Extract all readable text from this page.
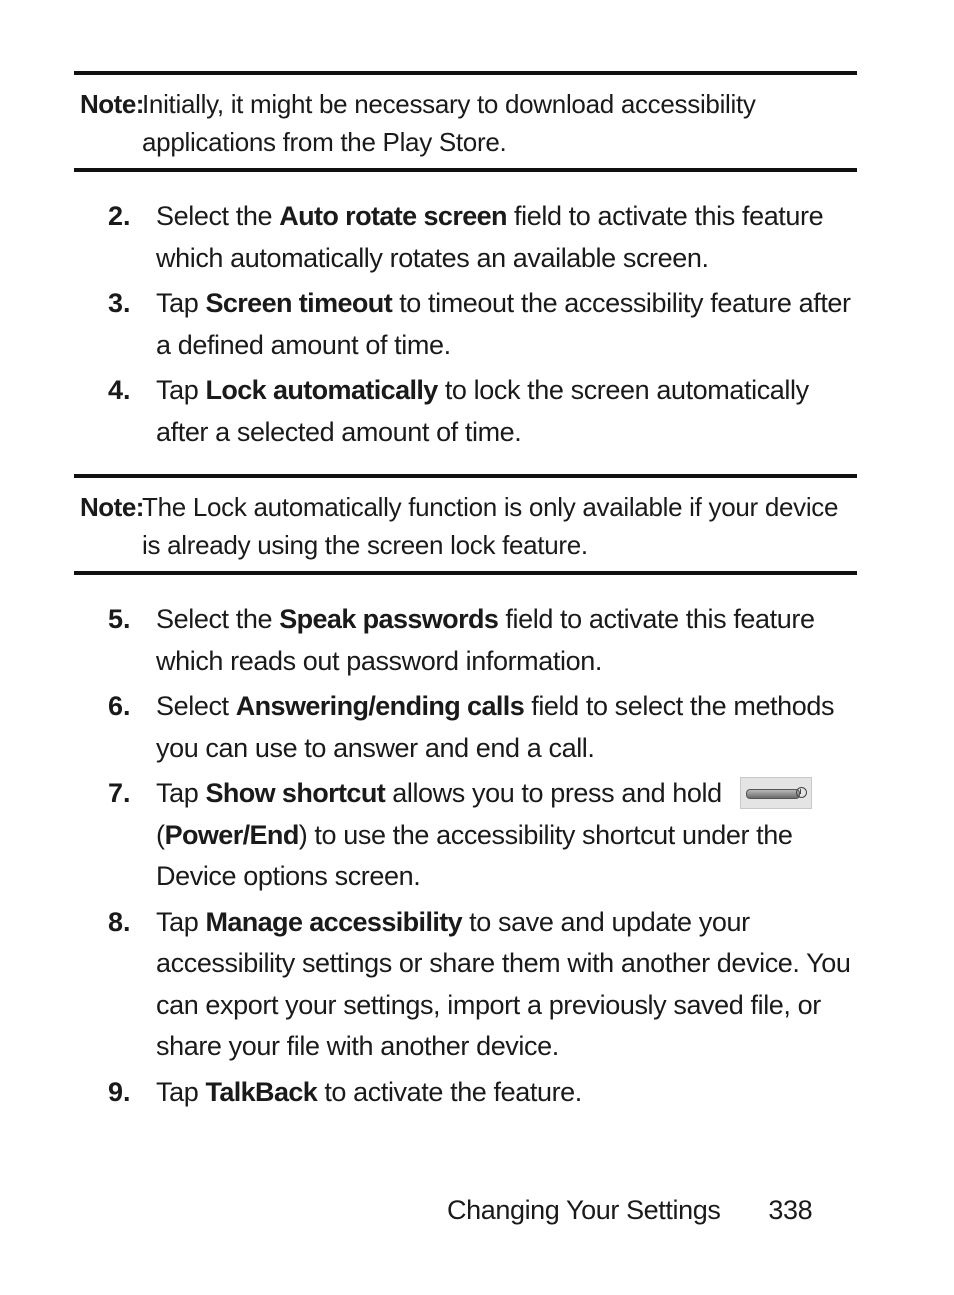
Note:
Initially, it might be necessary to download accessibility applications from the Play Store.
2. Select the Auto rotate screen field to activate this feature which automatically rotates an available screen.
3. Tap Screen timeout to timeout the accessibility feature after a defined amount of time.
4. Tap Lock automatically to lock the screen automatically after a selected amount of time.
Note:
The Lock automatically function is only available if your device is already using the screen lock feature.
5. Select the Speak passwords field to activate this feature which reads out password information.
6. Select Answering/ending calls field to select the methods you can use to answer and end a call.
7. Tap Show shortcut allows you to press and hold

(Power/End) to use the accessibility shortcut under the Device options screen.
8. Tap Manage accessibility to save and update your accessibility settings or share them with another device. You can export your settings, import a previously saved file, or share your file with another device.
9. Tap TalkBack to activate the feature.
Changing Your Settings 338
